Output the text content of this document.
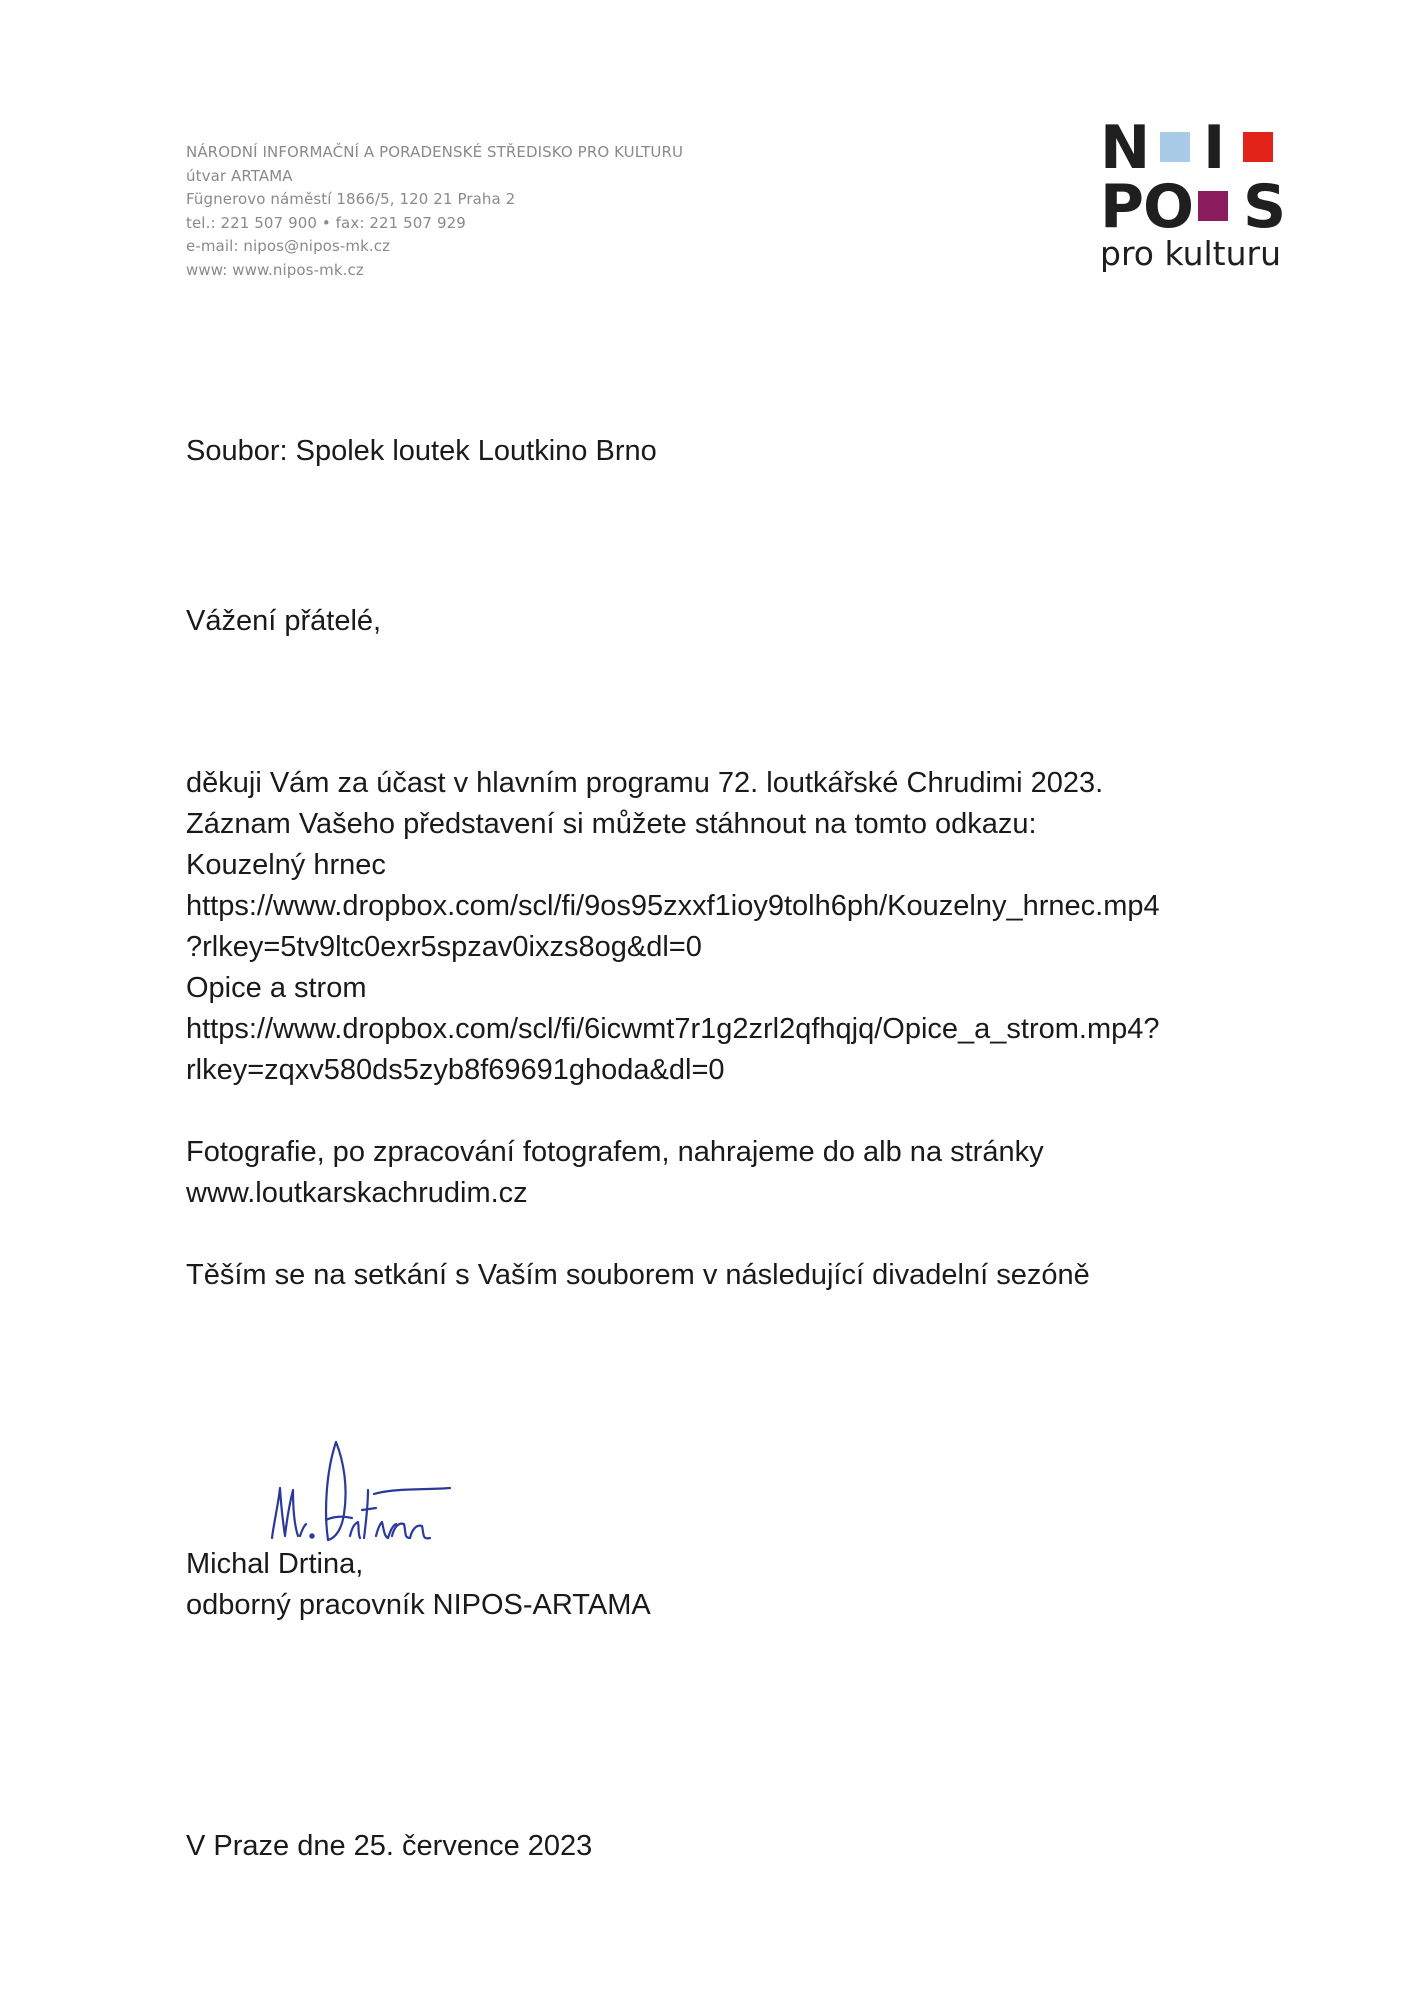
NÁRODNÍ INFORMAČNÍ A PORADENSKÉ STŘEDISKO PRO KULTURU
útvar ARTAMA
Fügnerovo náměstí 1866/5, 120 21 Praha 2
tel.: 221 507 900 • fax: 221 507 929
e-mail: nipos@nipos-mk.cz
www: www.nipos-mk.cz
N I
P O S
pro kulturu
Soubor: Spolek loutek Loutkino Brno
Vážení přátelé,
děkuji Vám za účast v hlavním programu 72. loutkářské Chrudimi 2023.
Záznam Vašeho představení si můžete stáhnout na tomto odkazu:
Kouzelný hrnec
https://www.dropbox.com/scl/fi/9os95zxxf1ioy9tolh6ph/Kouzelny_hrnec.mp4
?rlkey=5tv9ltc0exr5spzav0ixzs8og&dl=0
Opice a strom
https://www.dropbox.com/scl/fi/6icwmt7r1g2zrl2qfhqjq/Opice_a_strom.mp4?
rlkey=zqxv580ds5zyb8f69691ghoda&dl=0
Fotografie, po zpracování fotografem, nahrajeme do alb na stránky
www.loutkarskachrudim.cz
Těším se na setkání s Vaším souborem v následující divadelní sezóně
Michal Drtina,
odborný pracovník NIPOS-ARTAMA
V Praze dne 25. července 2023
